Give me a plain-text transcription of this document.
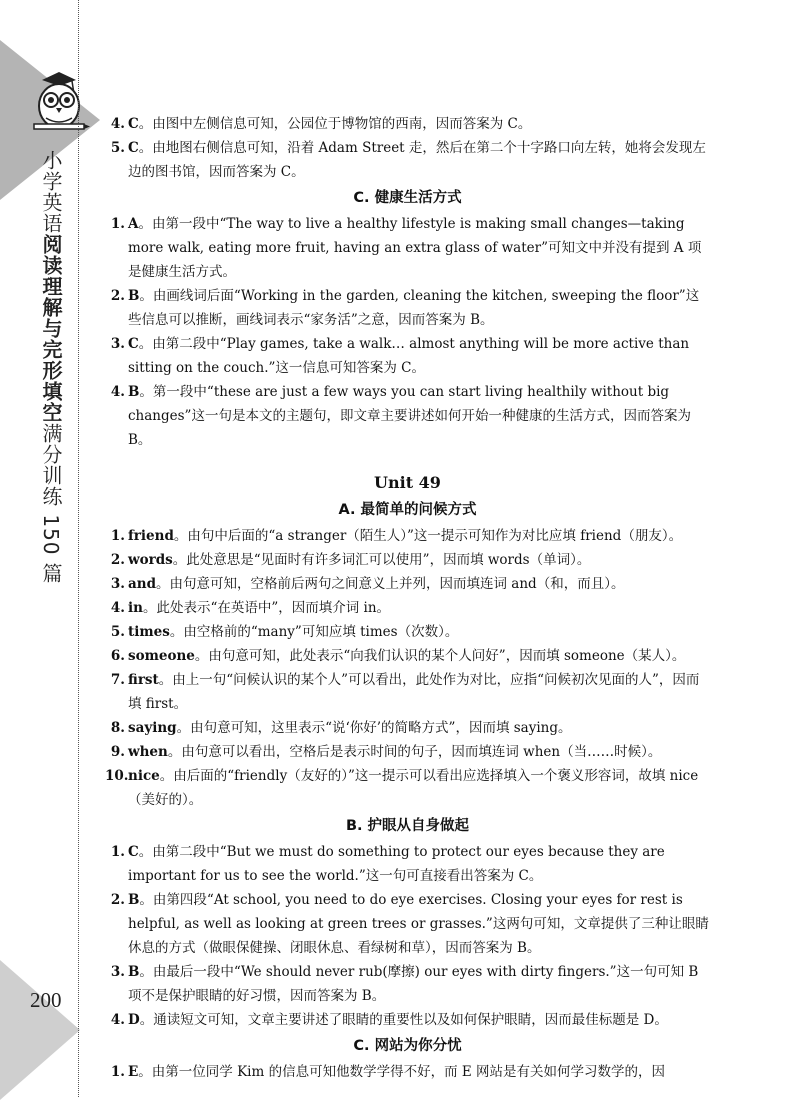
小学英语阅读理解与完形填空满分训练 150 篇
200
4. C。由图中左侧信息可知，公园位于博物馆的西南，因而答案为 C。
5. C。由地图右侧信息可知，沿着 Adam Street 走，然后在第二个十字路口向左转，她将会发现左边的图书馆，因而答案为 C。
C. 健康生活方式
1. A。由第一段中“The way to live a healthy lifestyle is making small changes—taking more walk, eating more fruit, having an extra glass of water”可知文中并没有提到 A 项是健康生活方式。
2. B。由画线词后面“Working in the garden, cleaning the kitchen, sweeping the floor”这些信息可以推断，画线词表示“家务活”之意，因而答案为 B。
3. C。由第二段中“Play games, take a walk… almost anything will be more active than sitting on the couch.”这一信息可知答案为 C。
4. B。第一段中“these are just a few ways you can start living healthily without big changes”这一句是本文的主题句，即文章主要讲述如何开始一种健康的生活方式，因而答案为 B。
Unit 49
A. 最简单的问候方式
1. friend。由句中后面的“a stranger（陌生人）”这一提示可知作为对比应填 friend（朋友）。
2. words。此处意思是“见面时有许多词汇可以使用”，因而填 words（单词）。
3. and。由句意可知，空格前后两句之间意义上并列，因而填连词 and（和，而且）。
4. in。此处表示“在英语中”，因而填介词 in。
5. times。由空格前的“many”可知应填 times（次数）。
6. someone。由句意可知，此处表示“向我们认识的某个人问好”，因而填 someone（某人）。
7. first。由上一句“问候认识的某个人”可以看出，此处作为对比，应指“问候初次见面的人”，因而填 first。
8. saying。由句意可知，这里表示“说‘你好’的简略方式”，因而填 saying。
9. when。由句意可以看出，空格后是表示时间的句子，因而填连词 when（当……时候）。
10. nice。由后面的“friendly（友好的）”这一提示可以看出应选择填入一个褒义形容词，故填 nice（美好的）。
B. 护眼从自身做起
1. C。由第二段中“But we must do something to protect our eyes because they are important for us to see the world.”这一句可直接看出答案为 C。
2. B。由第四段“At school, you need to do eye exercises. Closing your eyes for rest is helpful, as well as looking at green trees or grasses.”这两句可知，文章提供了三种让眼睛休息的方式（做眼保健操、闭眼休息、看绿树和草），因而答案为 B。
3. B。由最后一段中“We should never rub(摩擦) our eyes with dirty fingers.”这一句可知 B 项不是保护眼睛的好习惯，因而答案为 B。
4. D。通读短文可知，文章主要讲述了眼睛的重要性以及如何保护眼睛，因而最佳标题是 D。
C. 网站为你分忧
1. E。由第一位同学 Kim 的信息可知他数学学得不好，而 E 网站是有关如何学习数学的，因
